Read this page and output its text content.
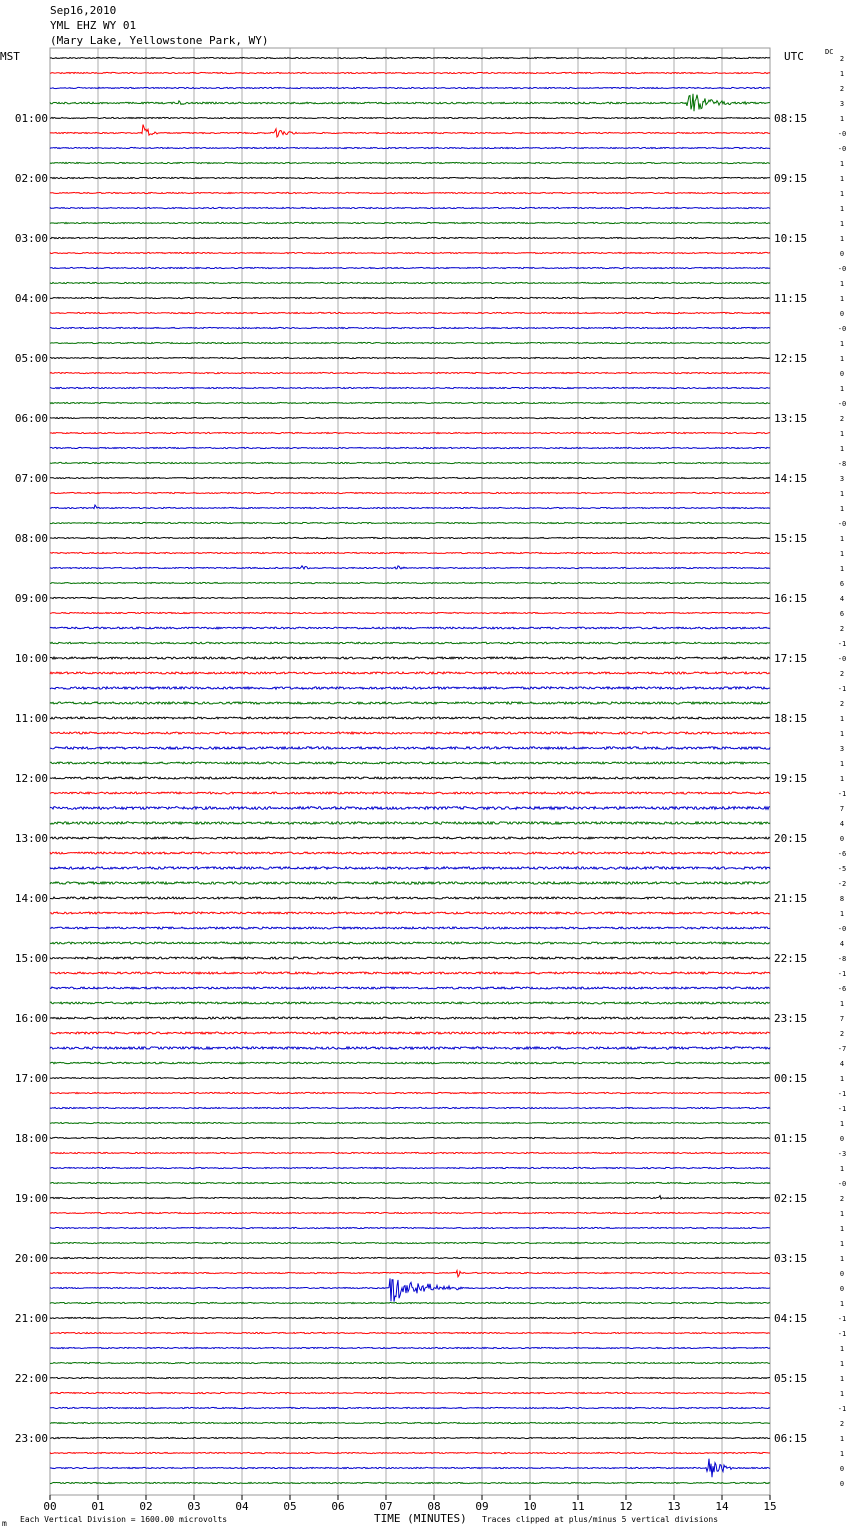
Sep16,2010
YML EHZ WY 01
(Mary Lake, Yellowstone Park, WY)
MST	UTC	DC
00	01	02	03	04	05	06	07	08	09	10	11	12	13	14	15
2
1
2
3
1
-0
-0
1
1
1
1
1
1
0
-0
1
1
0
-0
1
1
0
1
-0
2
1
1
-8
3
1
1
-0
1
1
1
6
4
6
2
-1
-0
2
-1
2
1
1
3
1
1
-1
7
4
0
-6
-5
-2
8
1
-0
4
-8
-1
-6
1
7
2
-7
4
1
-1
-1
1
0
-3
1
-0
2
1
1
1
1
0
0
1
-1
-1
1
1
1
1
-1
2
1
1
0
0
01:00
02:00
03:00
04:00
05:00
06:00
07:00
08:00
09:00
10:00
11:00
12:00
13:00
14:00
15:00
16:00
17:00
18:00
19:00
20:00
21:00
22:00
23:00
08:15
09:15
10:15
11:15
12:15
13:15
14:15
15:15
16:15
17:15
18:15
19:15
20:15
21:15
22:15
23:15
00:15
01:15
02:15
03:15
04:15
05:15
06:15
m Each Vertical Division = 1600.00 microvolts	TIME (MINUTES) Traces clipped at plus/minus 5 vertical divisions
